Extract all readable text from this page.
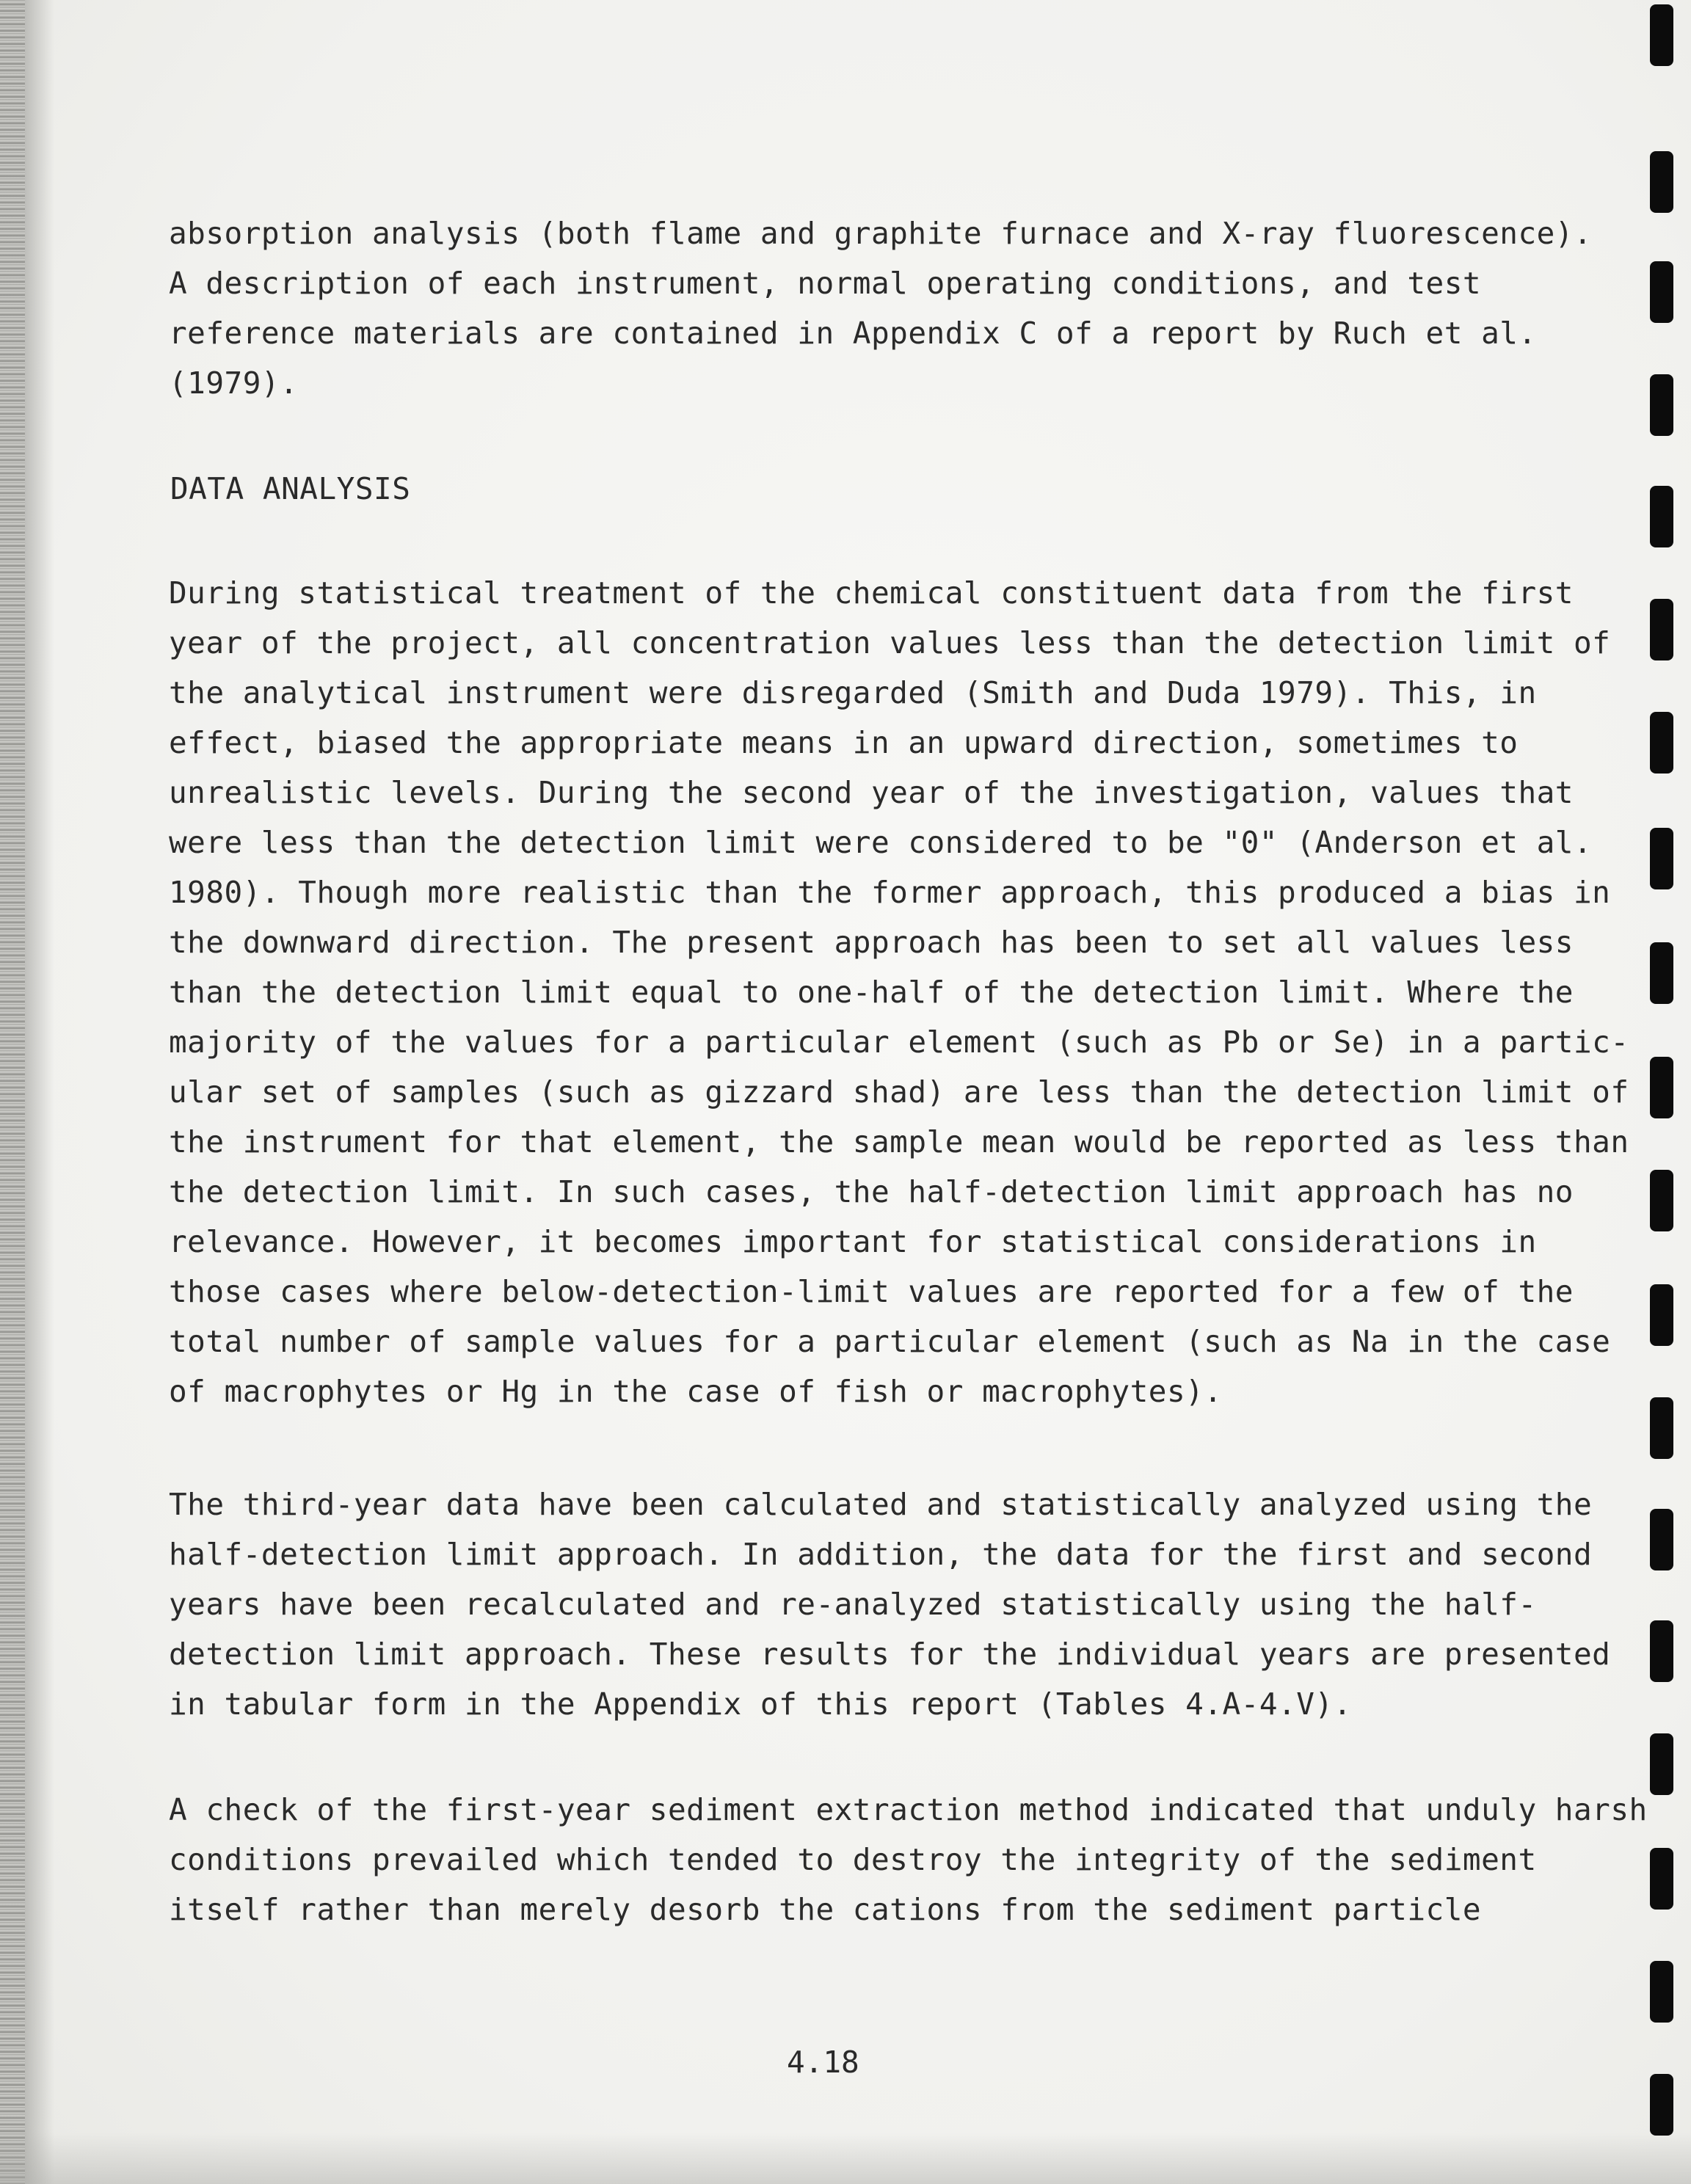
absorption analysis (both flame and graphite furnace and X-ray fluorescence).
A description of each instrument, normal operating conditions, and test
reference materials are contained in Appendix C of a report by Ruch et al.
(1979).
DATA ANALYSIS
During statistical treatment of the chemical constituent data from the first
year of the project, all concentration values less than the detection limit of
the analytical instrument were disregarded (Smith and Duda 1979). This, in
effect, biased the appropriate means in an upward direction, sometimes to
unrealistic levels. During the second year of the investigation, values that
were less than the detection limit were considered to be "0" (Anderson et al.
1980). Though more realistic than the former approach, this produced a bias in
the downward direction. The present approach has been to set all values less
than the detection limit equal to one-half of the detection limit. Where the
majority of the values for a particular element (such as Pb or Se) in a partic-
ular set of samples (such as gizzard shad) are less than the detection limit of
the instrument for that element, the sample mean would be reported as less than
the detection limit. In such cases, the half-detection limit approach has no
relevance. However, it becomes important for statistical considerations in
those cases where below-detection-limit values are reported for a few of the
total number of sample values for a particular element (such as Na in the case
of macrophytes or Hg in the case of fish or macrophytes).
The third-year data have been calculated and statistically analyzed using the
half-detection limit approach. In addition, the data for the first and second
years have been recalculated and re-analyzed statistically using the half-
detection limit approach. These results for the individual years are presented
in tabular form in the Appendix of this report (Tables 4.A-4.V).
A check of the first-year sediment extraction method indicated that unduly harsh
conditions prevailed which tended to destroy the integrity of the sediment
itself rather than merely desorb the cations from the sediment particle
4.18
